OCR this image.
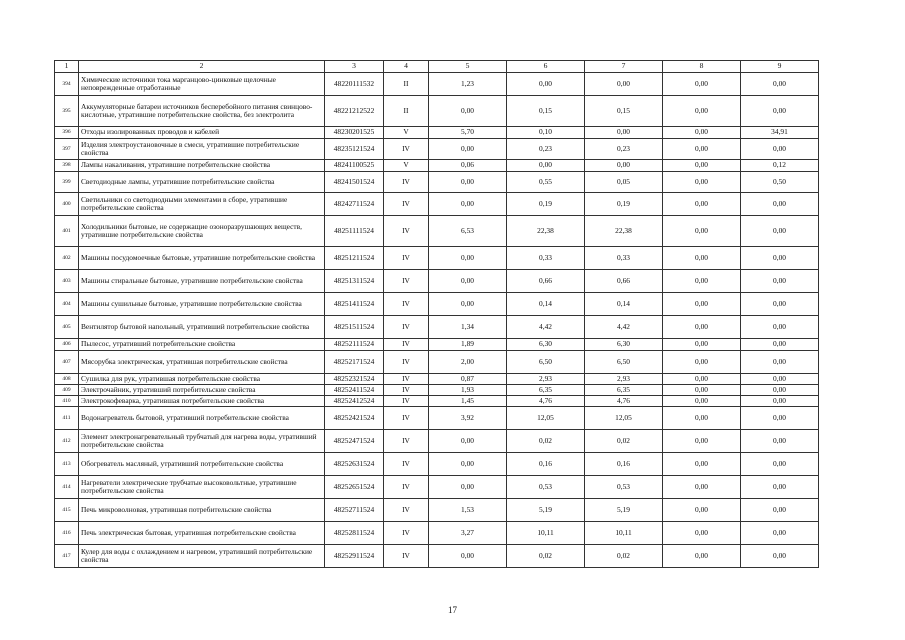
1	2	3	4	5	6	7	8	9
394	Химические источники тока марганцово-цинковые щелочные неповрежденные отработанные	48220111532	II	1,23	0,00	0,00	0,00	0,00
395	Аккумуляторные батареи источников бесперебойного питания свинцово-кислотные, утратившие потребительские свойства, без электролита	48221212522	II	0,00	0,15	0,15	0,00	0,00
396	Отходы изолированных проводов и кабелей	48230201525	V	5,70	0,10	0,00	0,00	34,91
397	Изделия электроустановочные в смеси, утратившие потребительские свойства	48235121524	IV	0,00	0,23	0,23	0,00	0,00
398	Лампы накаливания, утратившие потребительские свойства	48241100525	V	0,06	0,00	0,00	0,00	0,12
399	Светодиодные лампы, утратившие потребительские свойства	48241501524	IV	0,00	0,55	0,05	0,00	0,50
400	Светильники со светодиодными элементами в сборе, утратившие потребительские свойства	48242711524	IV	0,00	0,19	0,19	0,00	0,00
401	Холодильники бытовые, не содержащие озоноразрушающих веществ, утратившие потребительские свойства	48251111524	IV	6,53	22,38	22,38	0,00	0,00
402	Машины посудомоечные бытовые, утратившие потребительские свойства	48251211524	IV	0,00	0,33	0,33	0,00	0,00
403	Машины стиральные бытовые, утратившие потребительские свойства	48251311524	IV	0,00	0,66	0,66	0,00	0,00
404	Машины сушильные бытовые, утратившие потребительские свойства	48251411524	IV	0,00	0,14	0,14	0,00	0,00
405	Вентилятор бытовой напольный, утративший потребительские свойства	48251511524	IV	1,34	4,42	4,42	0,00	0,00
406	Пылесос, утративший потребительские свойства	48252111524	IV	1,89	6,30	6,30	0,00	0,00
407	Мясорубка электрическая, утратившая потребительские свойства	48252171524	IV	2,00	6,50	6,50	0,00	0,00
408	Сушилка для рук, утратившая потребительские свойства	48252321524	IV	0,87	2,93	2,93	0,00	0,00
409	Электрочайник, утративший потребительские свойства	48252411524	IV	1,93	6,35	6,35	0,00	0,00
410	Электрокофеварка, утратившая потребительские свойства	48252412524	IV	1,45	4,76	4,76	0,00	0,00
411	Водонагреватель бытовой, утративший потребительские свойства	48252421524	IV	3,92	12,05	12,05	0,00	0,00
412	Элемент электронагревательный трубчатый для нагрева воды, утративший потребительские свойства	48252471524	IV	0,00	0,02	0,02	0,00	0,00
413	Обогреватель масляный, утративший потребительские свойства	48252631524	IV	0,00	0,16	0,16	0,00	0,00
414	Нагреватели электрические трубчатые высоковольтные, утратившие потребительские свойства	48252651524	IV	0,00	0,53	0,53	0,00	0,00
415	Печь микроволновая, утратившая потребительские свойства	48252711524	IV	1,53	5,19	5,19	0,00	0,00
416	Печь электрическая бытовая, утратившая потребительские свойства	48252811524	IV	3,27	10,11	10,11	0,00	0,00
417	Кулер для воды с охлаждением и нагревом, утративший потребительские свойства	48252911524	IV	0,00	0,02	0,02	0,00	0,00
17
